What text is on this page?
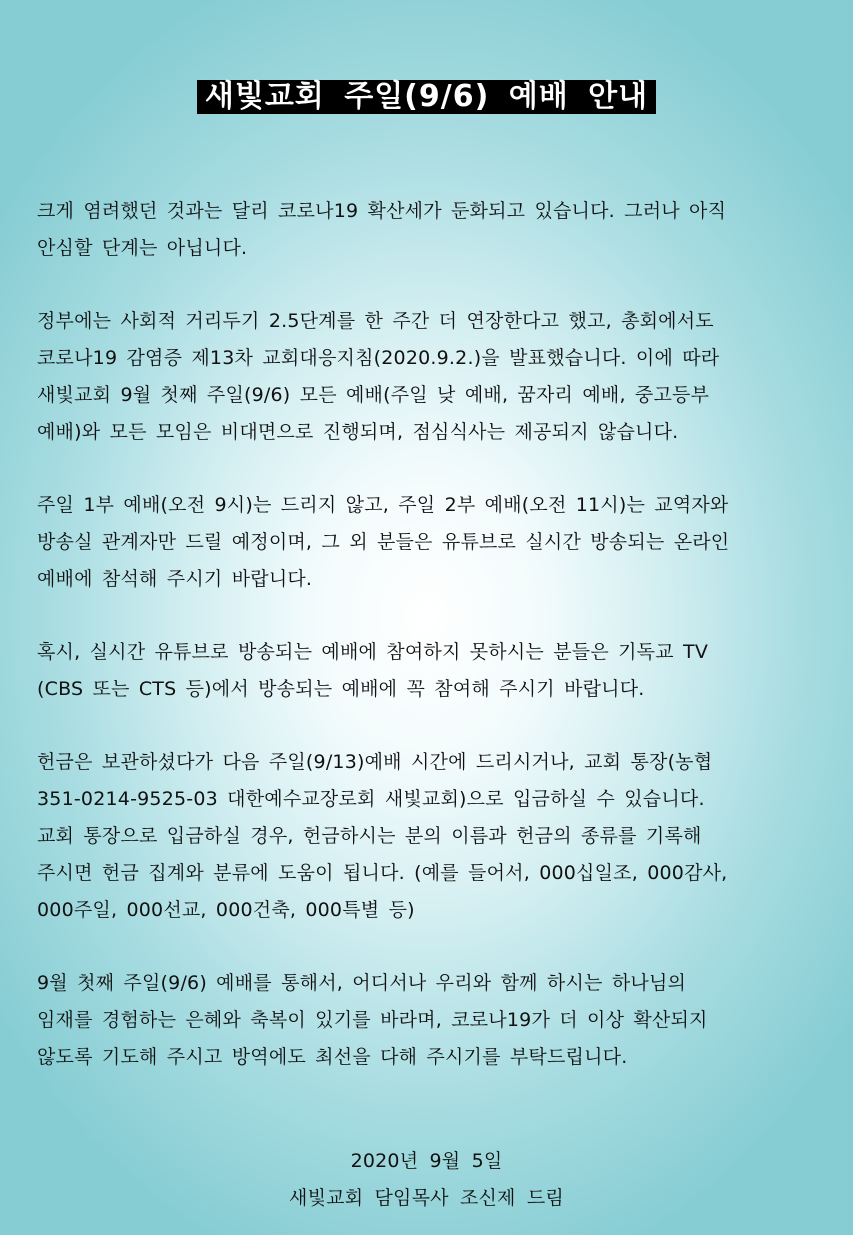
새빛교회 주일(9/6) 예배 안내
크게 염려했던 것과는 달리 코로나19 확산세가 둔화되고 있습니다. 그러나 아직
안심할 단계는 아닙니다.
정부에는 사회적 거리두기 2.5단계를 한 주간 더 연장한다고 했고, 총회에서도
코로나19 감염증 제13차 교회대응지침(2020.9.2.)을 발표했습니다. 이에 따라
새빛교회 9월 첫째 주일(9/6) 모든 예배(주일 낮 예배, 꿈자리 예배, 중고등부
예배)와 모든 모임은 비대면으로 진행되며, 점심식사는 제공되지 않습니다.
주일 1부 예배(오전 9시)는 드리지 않고, 주일 2부 예배(오전 11시)는 교역자와
방송실 관계자만 드릴 예정이며, 그 외 분들은 유튜브로 실시간 방송되는 온라인
예배에 참석해 주시기 바랍니다.
혹시, 실시간 유튜브로 방송되는 예배에 참여하지 못하시는 분들은 기독교 TV
(CBS 또는 CTS 등)에서 방송되는 예배에 꼭 참여해 주시기 바랍니다.
헌금은 보관하셨다가 다음 주일(9/13)예배 시간에 드리시거나, 교회 통장(농협
351-0214-9525-03 대한예수교장로회 새빛교회)으로 입금하실 수 있습니다.
교회 통장으로 입금하실 경우, 헌금하시는 분의 이름과 헌금의 종류를 기록해
주시면 헌금 집계와 분류에 도움이 됩니다. (예를 들어서, 000십일조, 000감사,
000주일, 000선교, 000건축, 000특별 등)
9월 첫째 주일(9/6) 예배를 통해서, 어디서나 우리와 함께 하시는 하나님의
임재를 경험하는 은혜와 축복이 있기를 바라며, 코로나19가 더 이상 확산되지
않도록 기도해 주시고 방역에도 최선을 다해 주시기를 부탁드립니다.
2020년 9월 5일
새빛교회 담임목사 조신제 드림
